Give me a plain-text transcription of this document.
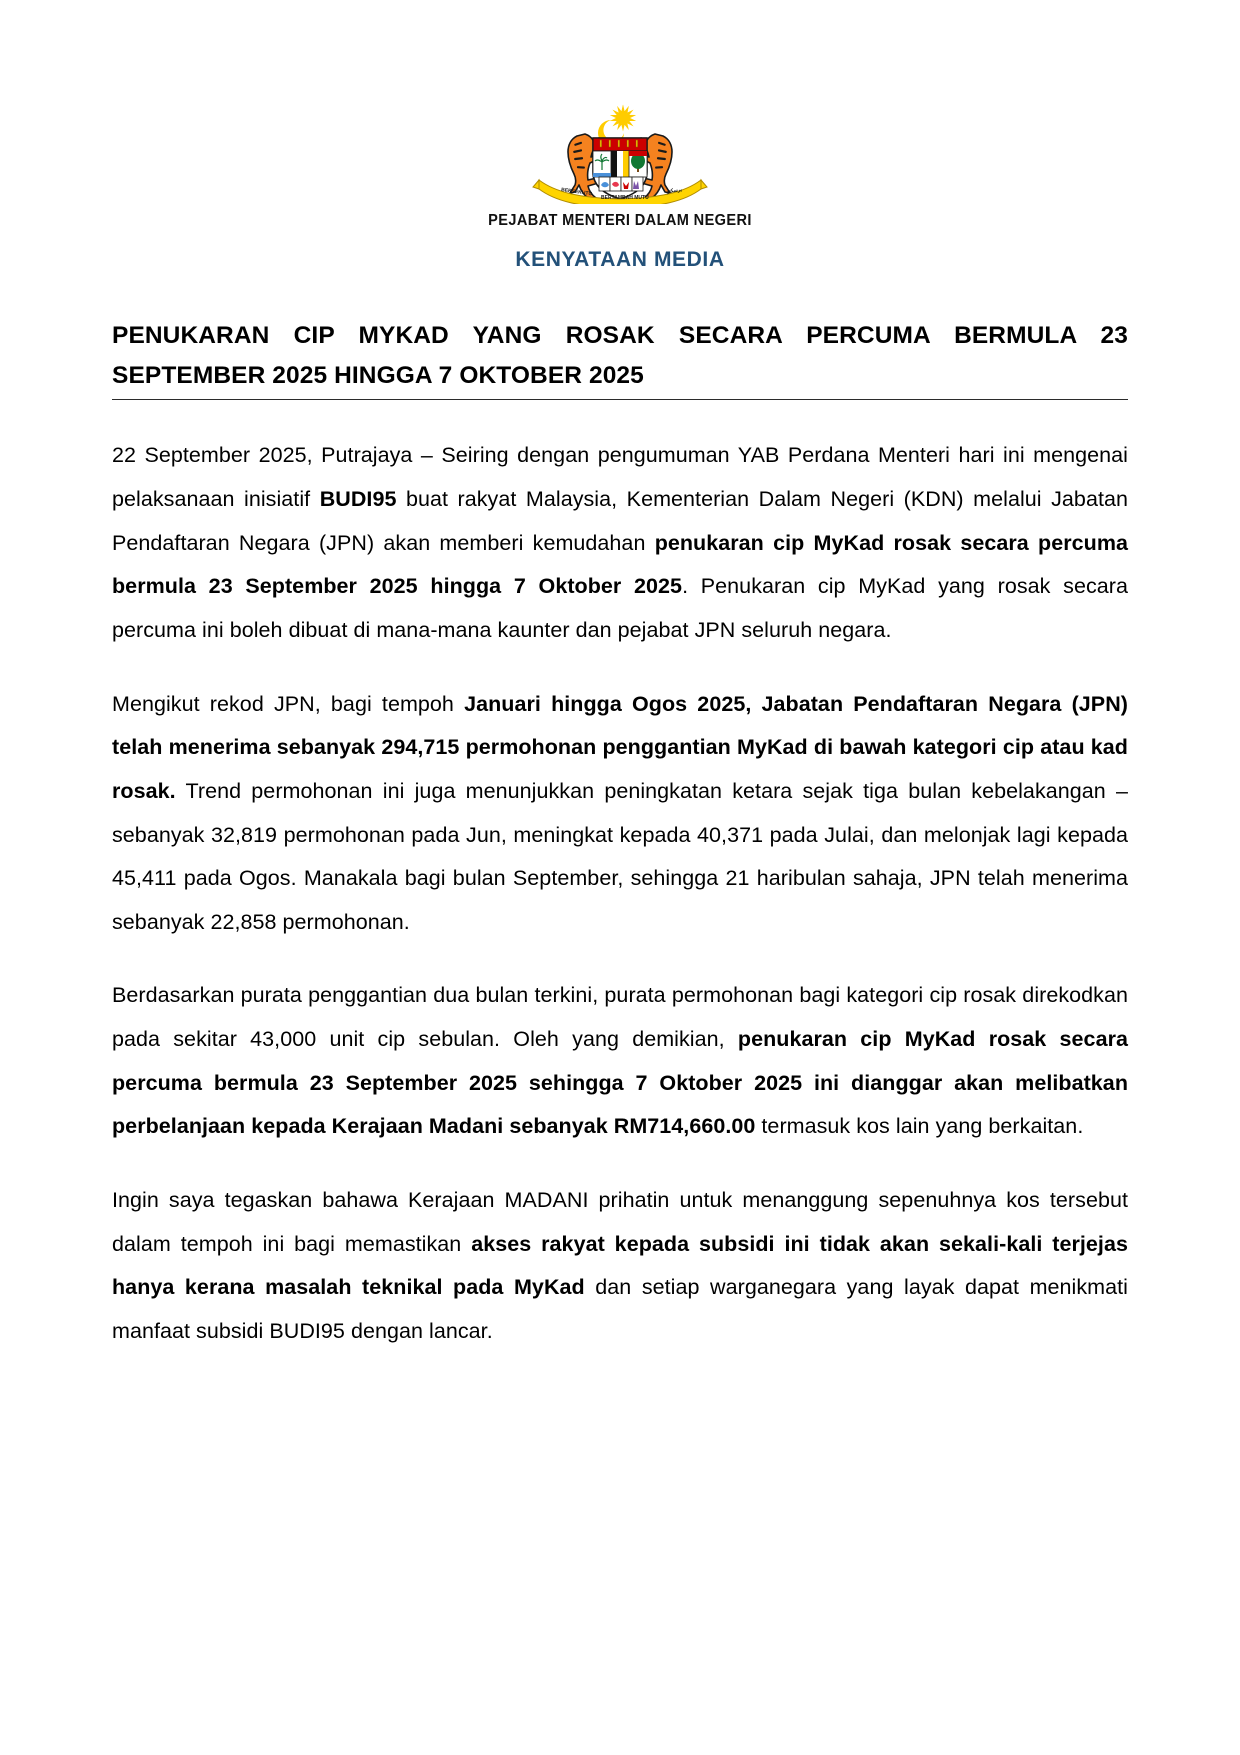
BERSEKUTU
BERTAMBAH MUTU
برسكتو
PEJABAT MENTERI DALAM NEGERI
KENYATAAN MEDIA
PENUKARAN CIP MYKAD YANG ROSAK SECARA PERCUMA BERMULA 23 SEPTEMBER 2025 HINGGA 7 OKTOBER 2025

22 September 2025, Putrajaya – Seiring dengan pengumuman YAB Perdana Menteri hari ini mengenai pelaksanaan inisiatif BUDI95 buat rakyat Malaysia, Kementerian Dalam Negeri (KDN) melalui Jabatan Pendaftaran Negara (JPN) akan memberi kemudahan penukaran cip MyKad rosak secara percuma bermula 23 September 2025 hingga 7 Oktober 2025. Penukaran cip MyKad yang rosak secara percuma ini boleh dibuat di mana-mana kaunter dan pejabat JPN seluruh negara.

Mengikut rekod JPN, bagi tempoh Januari hingga Ogos 2025, Jabatan Pendaftaran Negara (JPN) telah menerima sebanyak 294,715 permohonan penggantian MyKad di bawah kategori cip atau kad rosak. Trend permohonan ini juga menunjukkan peningkatan ketara sejak tiga bulan kebelakangan – sebanyak 32,819 permohonan pada Jun, meningkat kepada 40,371 pada Julai, dan melonjak lagi kepada 45,411 pada Ogos. Manakala bagi bulan September, sehingga 21 haribulan sahaja, JPN telah menerima sebanyak 22,858 permohonan.

Berdasarkan purata penggantian dua bulan terkini, purata permohonan bagi kategori cip rosak direkodkan pada sekitar 43,000 unit cip sebulan. Oleh yang demikian, penukaran cip MyKad rosak secara percuma bermula 23 September 2025 sehingga 7 Oktober 2025 ini dianggar akan melibatkan perbelanjaan kepada Kerajaan Madani sebanyak RM714,660.00 termasuk kos lain yang berkaitan.

Ingin saya tegaskan bahawa Kerajaan MADANI prihatin untuk menanggung sepenuhnya kos tersebut dalam tempoh ini bagi memastikan akses rakyat kepada subsidi ini tidak akan sekali-kali terjejas hanya kerana masalah teknikal pada MyKad dan setiap warganegara yang layak dapat menikmati manfaat subsidi BUDI95 dengan lancar.
